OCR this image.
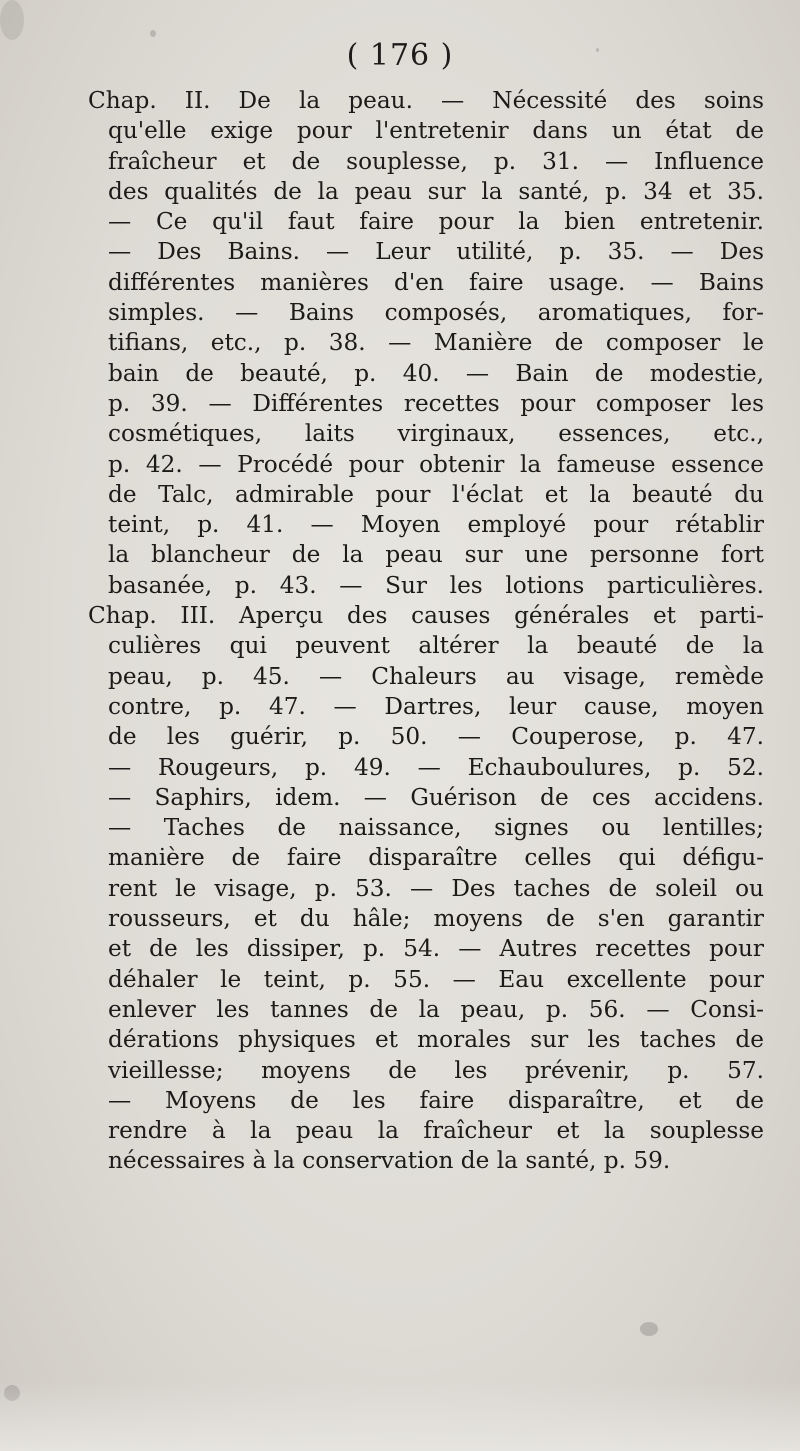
( 176 )
Chap. II. De la peau. — Nécessité des soins
qu'elle exige pour l'entretenir dans un état de
fraîcheur et de souplesse, p. 31. — Influence
des qualités de la peau sur la santé, p. 34 et 35.
— Ce qu'il faut faire pour la bien entretenir.
— Des Bains. — Leur utilité, p. 35. — Des
différentes manières d'en faire usage. — Bains
simples. — Bains composés, aromatiques, for-
tifians, etc., p. 38. — Manière de composer le
bain de beauté, p. 40. — Bain de modestie,
p. 39. — Différentes recettes pour composer les
cosmétiques, laits virginaux, essences, etc.,
p. 42. — Procédé pour obtenir la fameuse essence
de Talc, admirable pour l'éclat et la beauté du
teint, p. 41. — Moyen employé pour rétablir
la blancheur de la peau sur une personne fort
basanée, p. 43. — Sur les lotions particulières.
Chap. III. Aperçu des causes générales et parti-
culières qui peuvent altérer la beauté de la
peau, p. 45. — Chaleurs au visage, remède
contre, p. 47. — Dartres, leur cause, moyen
de les guérir, p. 50. — Couperose, p. 47.
— Rougeurs, p. 49. — Echauboulures, p. 52.
— Saphirs, idem. — Guérison de ces accidens.
— Taches de naissance, signes ou lentilles;
manière de faire disparaître celles qui défigu-
rent le visage, p. 53. — Des taches de soleil ou
rousseurs, et du hâle; moyens de s'en garantir
et de les dissiper, p. 54. — Autres recettes pour
déhaler le teint, p. 55. — Eau excellente pour
enlever les tannes de la peau, p. 56. — Consi-
dérations physiques et morales sur les taches de
vieillesse; moyens de les prévenir, p. 57.
— Moyens de les faire disparaître, et de
rendre à la peau la fraîcheur et la souplesse
nécessaires à la conservation de la santé, p. 59.
